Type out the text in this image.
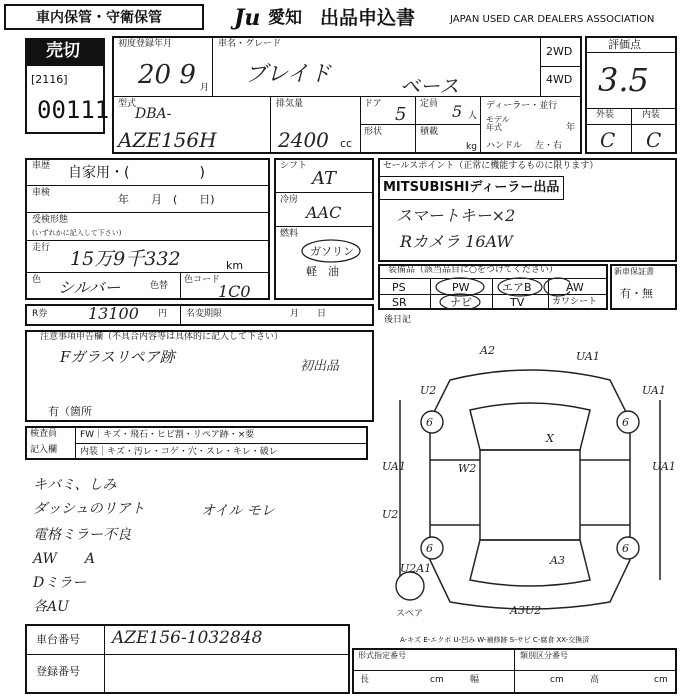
車内保管・守衛保管	Ju 愛知 出品申込書	JAPAN USED CAR DEALERS ASSOCIATION
売切
[2116]
00111
初度登録年月
20 9 月
車名・グレード
ブレイド	ベース
2WD
4WD
型式
DBA-
AZE156H
排気量
2400 cc
ドア 5 定員 5 人
形状	積載
kg
ディーラー・並行
モデル
年式	年
ハンドル 左・右
評価点
3.5
外装	内装
C C
車歴 自家用・(　　　　　)
車検	年　　月　(　　日)
受検形態
(いずれかに記入して下さい)
走行 15万9千332	km
色 シルバー	色替
色コード
1C0
シフト
AT
冷房
AAC
燃料
ガソリン
軽　油
R券	13100 円 名変期限	月　　日
セールスポイント（正常に機能するものに限ります）
MITSUBISHIディーラー出品
スマートキー×2
Rカメラ 16AW
装備品（該当品目に○をつけてください）
PS	PW	エアB	AW
SR	ナビ	TV	カワシート
新車保証書
有・無
注意事項申告欄（不具合内容等は具体的に記入して下さい）
Fガラスリペア跡
初出品
有（箇所
検査員
記入欄
FW｜キズ・飛石・ヒビ割・リペア跡・×要
内装｜キズ・汚レ・コゲ・穴・スレ・キレ・破レ
キバミ、しみ
ダッシュのリアト	オイル モレ
電格ミラー不良
AW　　A
Dミラー
各AU
後日記
6	6
6	6
A2	UA1
U2	UA1
W2
UA1	UA1
U2
X
A3
U2A1
A3U2
スペア
A-キズ E-エクボ U-凹み W-補修跡 S-サビ C-腐食 XX-交換済
車台番号 AZE156-1032848
登録番号
形式指定番号	類別区分番号
長	cm	幅	cm	高	cm
